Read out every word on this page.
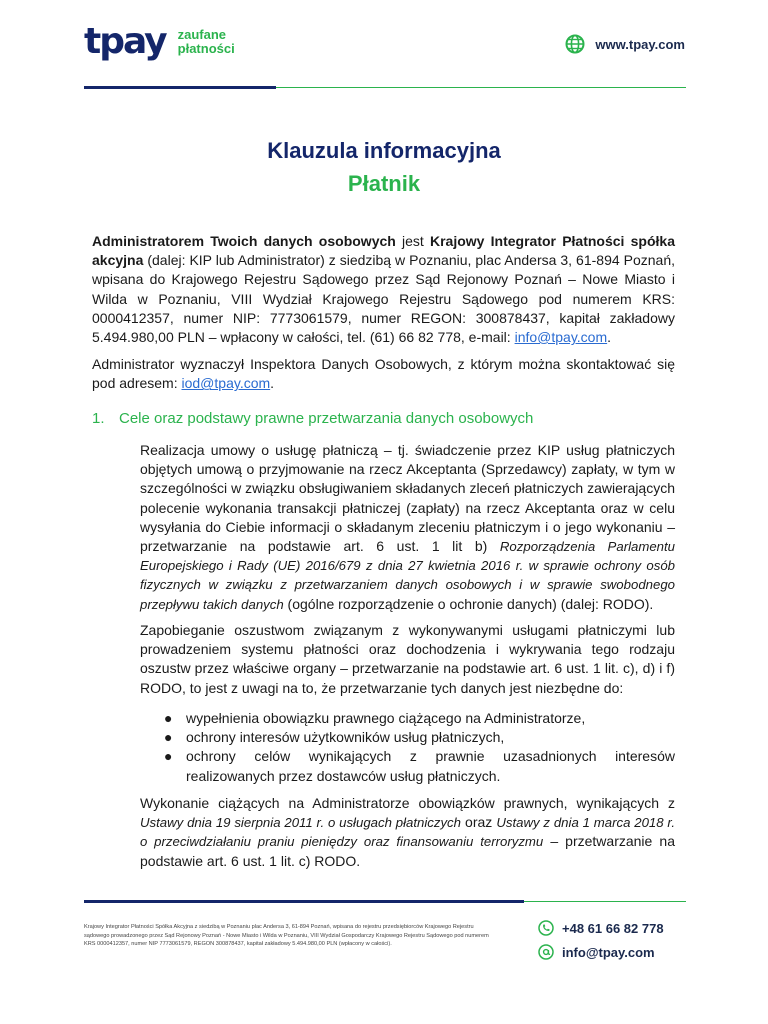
tpay zaufane
płatności	www.tpay.com
Klauzula informacyjna
Płatnik
Administratorem Twoich danych osobowych jest Krajowy Integrator Płatności spółka akcyjna (dalej: KIP lub Administrator) z siedzibą w Poznaniu, plac Andersa 3, 61-894 Poznań, wpisana do Krajowego Rejestru Sądowego przez Sąd Rejonowy Poznań – Nowe Miasto i Wilda w Poznaniu, VIII Wydział Krajowego Rejestru Sądowego pod numerem KRS: 0000412357, numer NIP: 7773061579, numer REGON: 300878437, kapitał zakładowy 5.494.980,00 PLN – wpłacony w całości, tel. (61) 66 82 778, e-mail: info@tpay.com.
Administrator wyznaczył Inspektora Danych Osobowych, z którym można skontaktować się pod adresem: iod@tpay.com.
1. Cele oraz podstawy prawne przetwarzania danych osobowych
Realizacja umowy o usługę płatniczą – tj. świadczenie przez KIP usług płatniczych objętych umową o przyjmowanie na rzecz Akceptanta (Sprzedawcy) zapłaty, w tym w szczególności w związku obsługiwaniem składanych zleceń płatniczych zawierających polecenie wykonania transakcji płatniczej (zapłaty) na rzecz Akceptanta oraz w celu wysyłania do Ciebie informacji o składanym zleceniu płatniczym i o jego wykonaniu – przetwarzanie na podstawie art. 6 ust. 1 lit b) Rozporządzenia Parlamentu Europejskiego i Rady (UE) 2016/679 z dnia 27 kwietnia 2016 r. w sprawie ochrony osób fizycznych w związku z przetwarzaniem danych osobowych i w sprawie swobodnego przepływu takich danych (ogólne rozporządzenie o ochronie danych) (dalej: RODO).
Zapobieganie oszustwom związanym z wykonywanymi usługami płatniczymi lub prowadzeniem systemu płatności oraz dochodzenia i wykrywania tego rodzaju oszustw przez właściwe organy – przetwarzanie na podstawie art. 6 ust. 1 lit. c), d) i f) RODO, to jest z uwagi na to, że przetwarzanie tych danych jest niezbędne do:
● wypełnienia obowiązku prawnego ciążącego na Administratorze,
● ochrony interesów użytkowników usług płatniczych,
● ochrony celów wynikających z prawnie uzasadnionych interesów realizowanych przez dostawców usług płatniczych.
Wykonanie ciążących na Administratorze obowiązków prawnych, wynikających z Ustawy dnia 19 sierpnia 2011 r. o usługach płatniczych oraz Ustawy z dnia 1 marca 2018 r. o przeciwdziałaniu praniu pieniędzy oraz finansowaniu terroryzmu – przetwarzanie na podstawie art. 6 ust. 1 lit. c) RODO.
Krajowy Integrator Płatności Spółka Akcyjna z siedzibą w Poznaniu plac Andersa 3, 61-894 Poznań, wpisana do rejestru przedsiębiorców Krajowego Rejestru sądowego prowadzonego przez Sąd Rejonowy Poznań - Nowe Miasto i Wilda w Poznaniu, VIII Wydział Gospodarczy Krajowego Rejestru Sądowego pod numerem KRS 0000412357, numer NIP 7773061579, REGON 300878437, kapitał zakładowy 5.494.980,00 PLN (wpłacony w całości).
+48 61 66 82 778
info@tpay.com
